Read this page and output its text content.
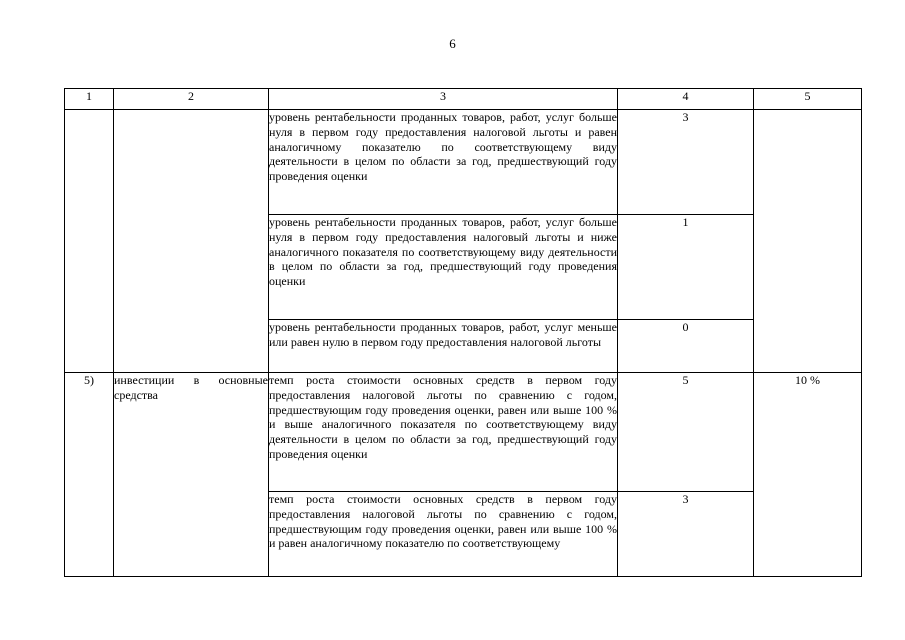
6
1	2	3	4	5

		уровень рентабельности проданных товаров, работ, услуг больше нуля в первом году предоставления налоговой льготы и равен аналогичному показателю по соответствующему виду деятельности в целом по области за год, предшествующий году проведения оценки	3	

		уровень рентабельности проданных товаров, работ, услуг больше нуля в первом году предоставления налоговый льготы и ниже аналогичного показателя по соответствующему виду деятельности в целом по области за год, предшествующий году проведения оценки	1	

		уровень рентабельности проданных товаров, работ, услуг меньше или равен нулю в первом году предоставления налоговой льготы	0	
5)	инвестиции в основные средства	темп роста стоимости основных средств в первом году предоставления налоговой льготы по сравнению с годом, предшествующим году проведения оценки, равен или выше 100 % и выше аналогичного показателя по соответствующему виду деятельности в целом по области за год, предшествующий году проведения оценки	5	10 %

		темп роста стоимости основных средств в первом году предоставления налоговой льготы по сравнению с годом, предшествующим году проведения оценки, равен или выше 100 % и равен аналогичному показателю по соответствующему	3	
